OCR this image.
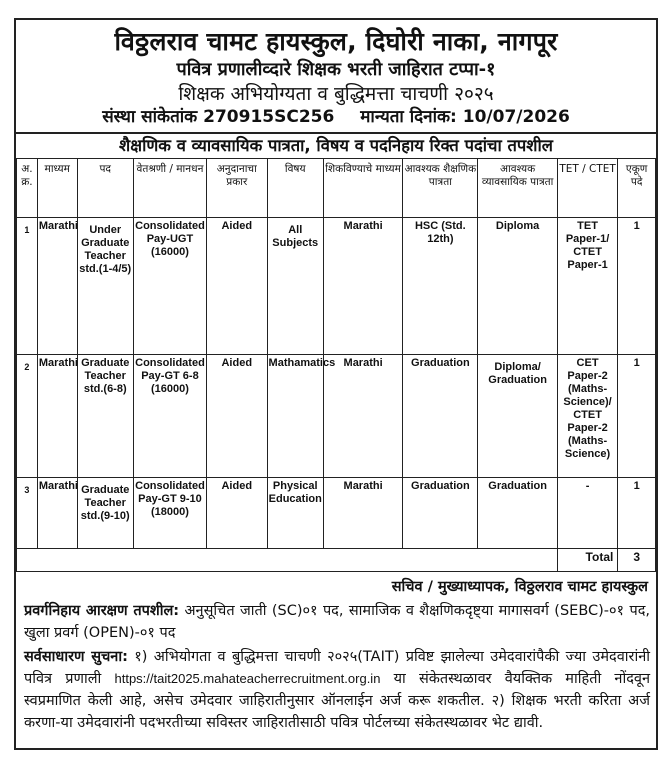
विठ्ठलराव चामट हायस्कुल, दिघोरी नाका, नागपूर
पवित्र प्रणालीव्दारे शिक्षक भरती जाहिरात टप्पा-१
शिक्षक अभियोग्यता व बुद्धिमत्ता चाचणी २०२५
संस्था सांकेतांक 270915SC256 मान्यता दिनांक: 10/07/2026
शैक्षणिक व व्यावसायिक पात्रता, विषय व पदनिहाय रिक्त पदांचा तपशील
अ. क्र.	माध्यम	पद	वेतश्रणी / मानधन	अनुदानाचा प्रकार	विषय	शिकविण्याचे माध्यम	आवश्यक शैक्षणिक पात्रता	आवश्यक व्यावसायिक पात्रता	TET / CTET	एकूण पदे
1	Marathi	Under Graduate Teacher std.(1-4/5)	Consolidated Pay-UGT (16000)	Aided	All Subjects	Marathi	HSC (Std. 12th)	Diploma	TET Paper-1/ CTET Paper-1	1
2	Marathi	Graduate Teacher std.(6-8)	Consolidated Pay-GT 6-8 (16000)	Aided	Mathamatics	Marathi	Graduation	Diploma/ Graduation	CET Paper-2 (Maths-Science)/ CTET Paper-2 (Maths-Science)	1
3	Marathi	Graduate Teacher std.(9-10)	Consolidated Pay-GT 9-10 (18000)	Aided	Physical Education	Marathi	Graduation	Graduation	-	1
									Total	3
सचिव / मुख्याध्यापक, विठ्ठलराव चामट हायस्कुल
प्रवर्गनिहाय आरक्षण तपशील: अनुसूचित जाती (SC)०१ पद, सामाजिक व शैक्षणिकदृष्ट्या मागासवर्ग (SEBC)-०१ पद, खुला प्रवर्ग (OPEN)-०१ पद
सर्वसाधारण सुचना: १) अभियोगता व बुद्धिमत्ता चाचणी २०२५(TAIT) प्रविष्ट झालेल्या उमेदवारांपैकी ज्या उमेदवारांनी पवित्र प्रणाली https://tait2025.mahateacherrecruitment.org.in या संकेतस्थळावर वैयक्तिक माहिती नोंदवून स्वप्रमाणित केली आहे, असेच उमेदवार जाहिरातीनुसार ऑनलाईन अर्ज करू शकतील. २) शिक्षक भरती करिता अर्ज करणा-या उमेदवारांनी पदभरतीच्या सविस्तर जाहिरातीसाठी पवित्र पोर्टलच्या संकेतस्थळावर भेट द्यावी.
